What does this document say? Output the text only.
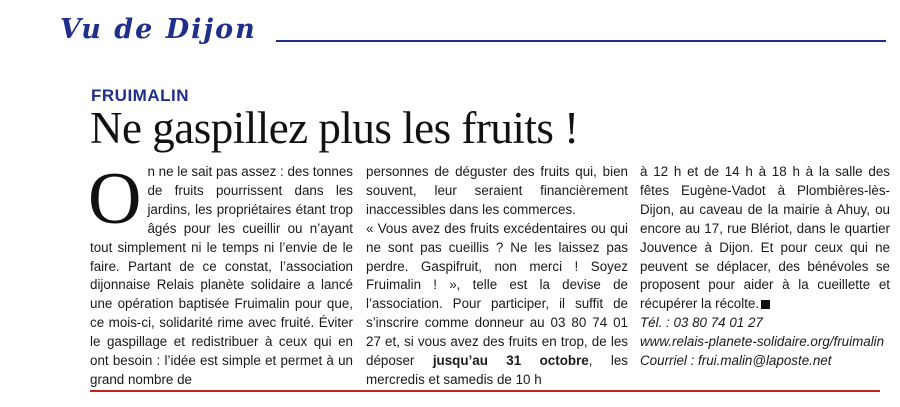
Vu de Dijon
FRUIMALIN
Ne gaspillez plus les fruits !

On ne le sait pas assez : des tonnes de fruits pourrissent dans les jardins, les propriétaires étant trop âgés pour les cueillir ou n’ayant tout simplement ni le temps ni l’envie de le faire. Partant de ce constat, l’association dijonnaise Relais planète solidaire a lancé une opération baptisée Fruimalin pour que, ce mois-ci, solidarité rime avec fruité. Éviter le gaspillage et redistribuer à ceux qui en ont besoin : l’idée est simple et permet à un grand nombre de

personnes de déguster des fruits qui, bien souvent, leur seraient financièrement inaccessibles dans les commerces.

« Vous avez des fruits excédentaires ou qui ne sont pas cueillis ? Ne les laissez pas perdre. Gaspifruit, non merci ! Soyez Fruimalin ! », telle est la devise de l’association. Pour participer, il suffit de s’inscrire comme donneur au 03 80 74 01 27 et, si vous avez des fruits en trop, de les déposer jusqu’au 31 octobre, les mercredis et samedis de 10 h

à 12 h et de 14 h à 18 h à la salle des fêtes Eugène-Vadot à Plombières-lès-Dijon, au caveau de la mairie à Ahuy, ou encore au 17, rue Blériot, dans le quartier Jouvence à Dijon. Et pour ceux qui ne peuvent se déplacer, des bénévoles se proposent pour aider à la cueillette et récupérer la récolte.

Tél. : 03 80 74 01 27

www.relais-planete-solidaire.org/fruimalin

Courriel : frui.malin@laposte.net
